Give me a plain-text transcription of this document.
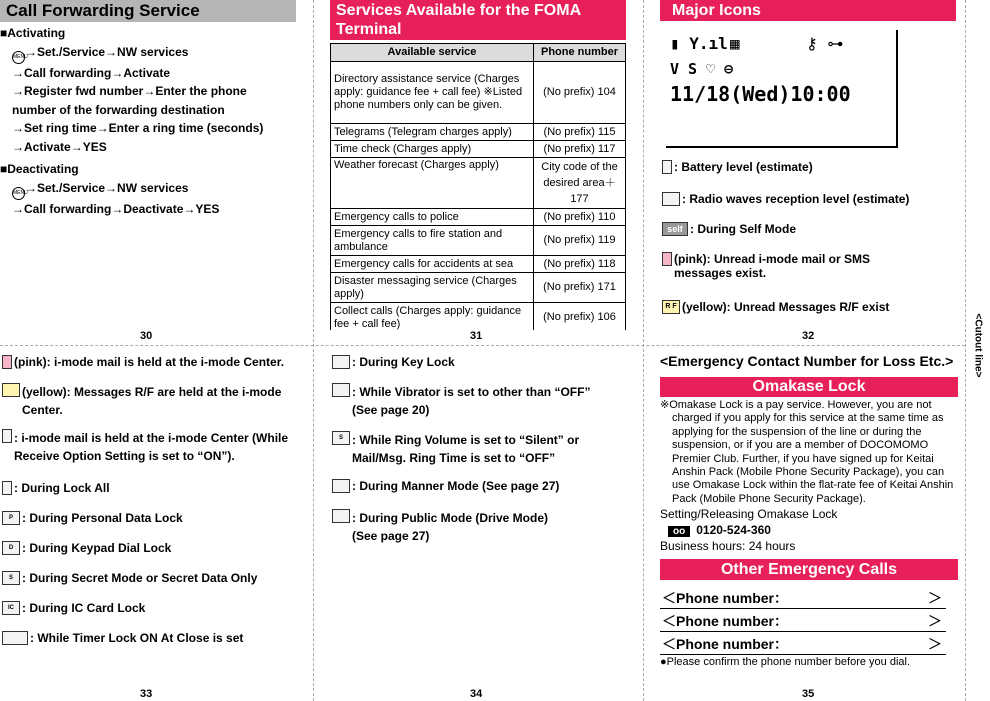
Call Forwarding Service
■Activating
MENU→Set./Service→NW services
→Call forwarding→Activate
→Register fwd number→Enter the phone
number of the forwarding destination
→Set ring time→Enter a ring time (seconds)
→Activate→YES
■Deactivating
MENU→Set./Service→NW services
→Call forwarding→Deactivate→YES
30
Services Available for the FOMA Terminal
Available service	Phone number
Directory assistance service (Charges apply: guidance fee + call fee) ※Listed phone numbers only can be given.	(No prefix) 104
Telegrams (Telegram charges apply)	(No prefix) 115
Time check (Charges apply)	(No prefix) 117
Weather forecast (Charges apply)	City code of the desired area＋177
Emergency calls to police	(No prefix) 110
Emergency calls to fire station and ambulance	(No prefix) 119
Emergency calls for accidents at sea	(No prefix) 118
Disaster messaging service (Charges apply)	(No prefix) 171
Collect calls (Charges apply: guidance fee + call fee)	(No prefix) 106
31
Major Icons
▮ Y.ıl ▦	⚷ ⊶
V S ♡ ⊖
11/18(Wed)10:00
: Battery level (estimate)
: Radio waves reception level (estimate)
self : During Self Mode
(pink): Unread i-mode mail or SMS messages exist.
R F (yellow): Unread Messages R/F exist
32
(pink): i-mode mail is held at the i-mode Center.
(yellow): Messages R/F are held at the i-mode Center.
: i-mode mail is held at the i-mode Center (While Receive Option Setting is set to “ON”).
: During Lock All
P : During Personal Data Lock
D : During Keypad Dial Lock
S : During Secret Mode or Secret Data Only
IC : During IC Card Lock
: While Timer Lock ON At Close is set
33
: During Key Lock
: While Vibrator is set to other than “OFF” (See page 20)
S : While Ring Volume is set to “Silent” or Mail/Msg. Ring Time is set to “OFF”
: During Manner Mode (See page 27)
: During Public Mode (Drive Mode) (See page 27)
34
<Emergency Contact Number for Loss Etc.>
Omakase Lock
※Omakase Lock is a pay service. However, you are not charged if you apply for this service at the same time as applying for the suspension of the line or during the suspension, or if you are a member of DOCOMOMO Premier Club. Further, if you have signed up for Keitai Anshin Pack (Mobile Phone Security Package), you can use Omakase Lock within the flat-rate fee of Keitai Anshin Pack (Mobile Phone Security Package).
Setting/Releasing Omakase Lock
oo 0120-524-360
Business hours: 24 hours
Other Emergency Calls
＜Phone number：	＞
＜Phone number：	＞
＜Phone number：	＞
●Please confirm the phone number before you dial.
35
<Cutout line>
